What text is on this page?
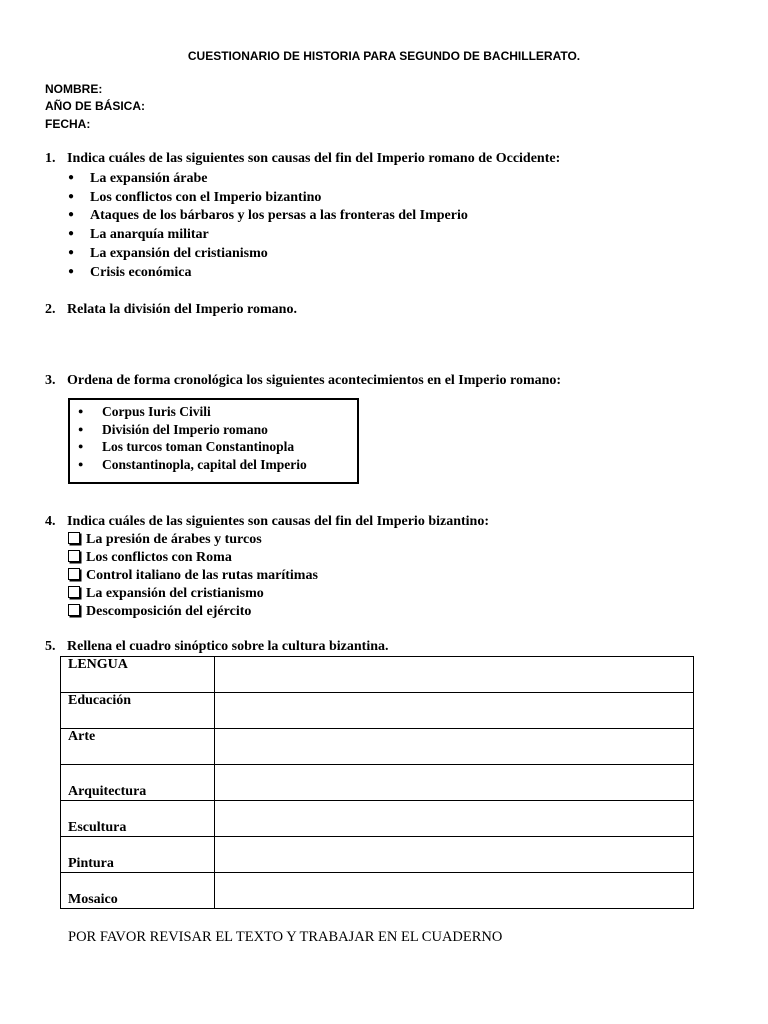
CUESTIONARIO DE HISTORIA PARA SEGUNDO DE BACHILLERATO.
NOMBRE:
AÑO DE BÁSICA:
FECHA:
1. Indica cuáles de las siguientes son causas del fin del Imperio romano de Occidente:
● La expansión árabe
● Los conflictos con el Imperio bizantino
● Ataques de los bárbaros y los persas a las fronteras del Imperio
● La anarquía militar
● La expansión del cristianismo
● Crisis económica
2. Relata la división del Imperio romano.
3. Ordena de forma cronológica los siguientes acontecimientos en el Imperio romano:
● Corpus Iuris Civili
● División del Imperio romano
● Los turcos toman Constantinopla
● Constantinopla, capital del Imperio
4. Indica cuáles de las siguientes son causas del fin del Imperio bizantino:
La presión de árabes y turcos
Los conflictos con Roma
Control italiano de las rutas marítimas
La expansión del cristianismo
Descomposición del ejército
5. Rellena el cuadro sinóptico sobre la cultura bizantina.
LENGUA	
Educación	
Arte	
Arquitectura	
Escultura	
Pintura	
Mosaico	
POR FAVOR REVISAR EL TEXTO Y TRABAJAR EN EL CUADERNO
